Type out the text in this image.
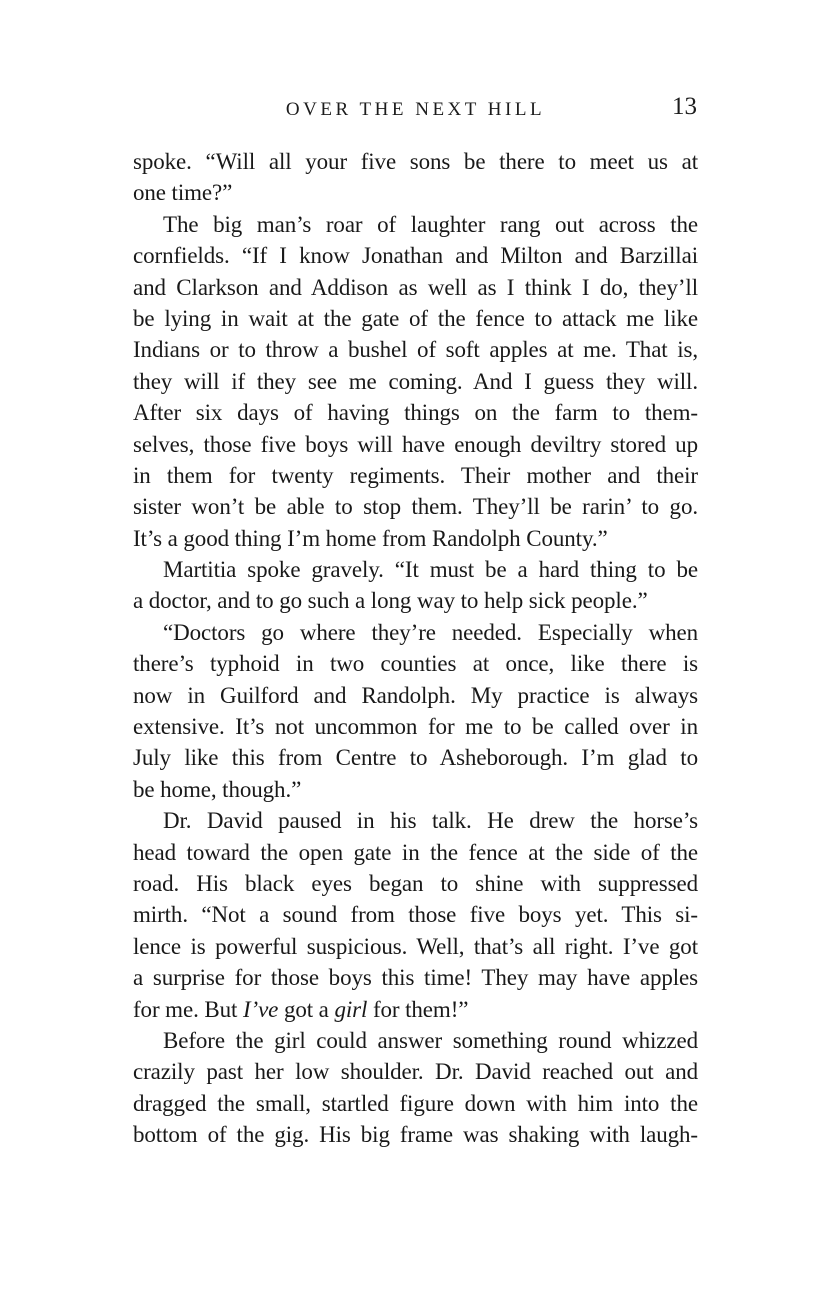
OVER THE NEXT HILL	13
spoke. “Will all your five sons be there to meet us at
one time?”
The big man’s roar of laughter rang out across the
cornfields. “If I know Jonathan and Milton and Barzillai
and Clarkson and Addison as well as I think I do, they’ll
be lying in wait at the gate of the fence to attack me like
Indians or to throw a bushel of soft apples at me. That is,
they will if they see me coming. And I guess they will.
After six days of having things on the farm to them-
selves, those five boys will have enough deviltry stored up
in them for twenty regiments. Their mother and their
sister won’t be able to stop them. They’ll be rarin’ to go.
It’s a good thing I’m home from Randolph County.”
Martitia spoke gravely. “It must be a hard thing to be
a doctor, and to go such a long way to help sick people.”
“Doctors go where they’re needed. Especially when
there’s typhoid in two counties at once, like there is
now in Guilford and Randolph. My practice is always
extensive. It’s not uncommon for me to be called over in
July like this from Centre to Asheborough. I’m glad to
be home, though.”
Dr. David paused in his talk. He drew the horse’s
head toward the open gate in the fence at the side of the
road. His black eyes began to shine with suppressed
mirth. “Not a sound from those five boys yet. This si-
lence is powerful suspicious. Well, that’s all right. I’ve got
a surprise for those boys this time! They may have apples
for me. But I’ve got a girl for them!”
Before the girl could answer something round whizzed
crazily past her low shoulder. Dr. David reached out and
dragged the small, startled figure down with him into the
bottom of the gig. His big frame was shaking with laugh-
